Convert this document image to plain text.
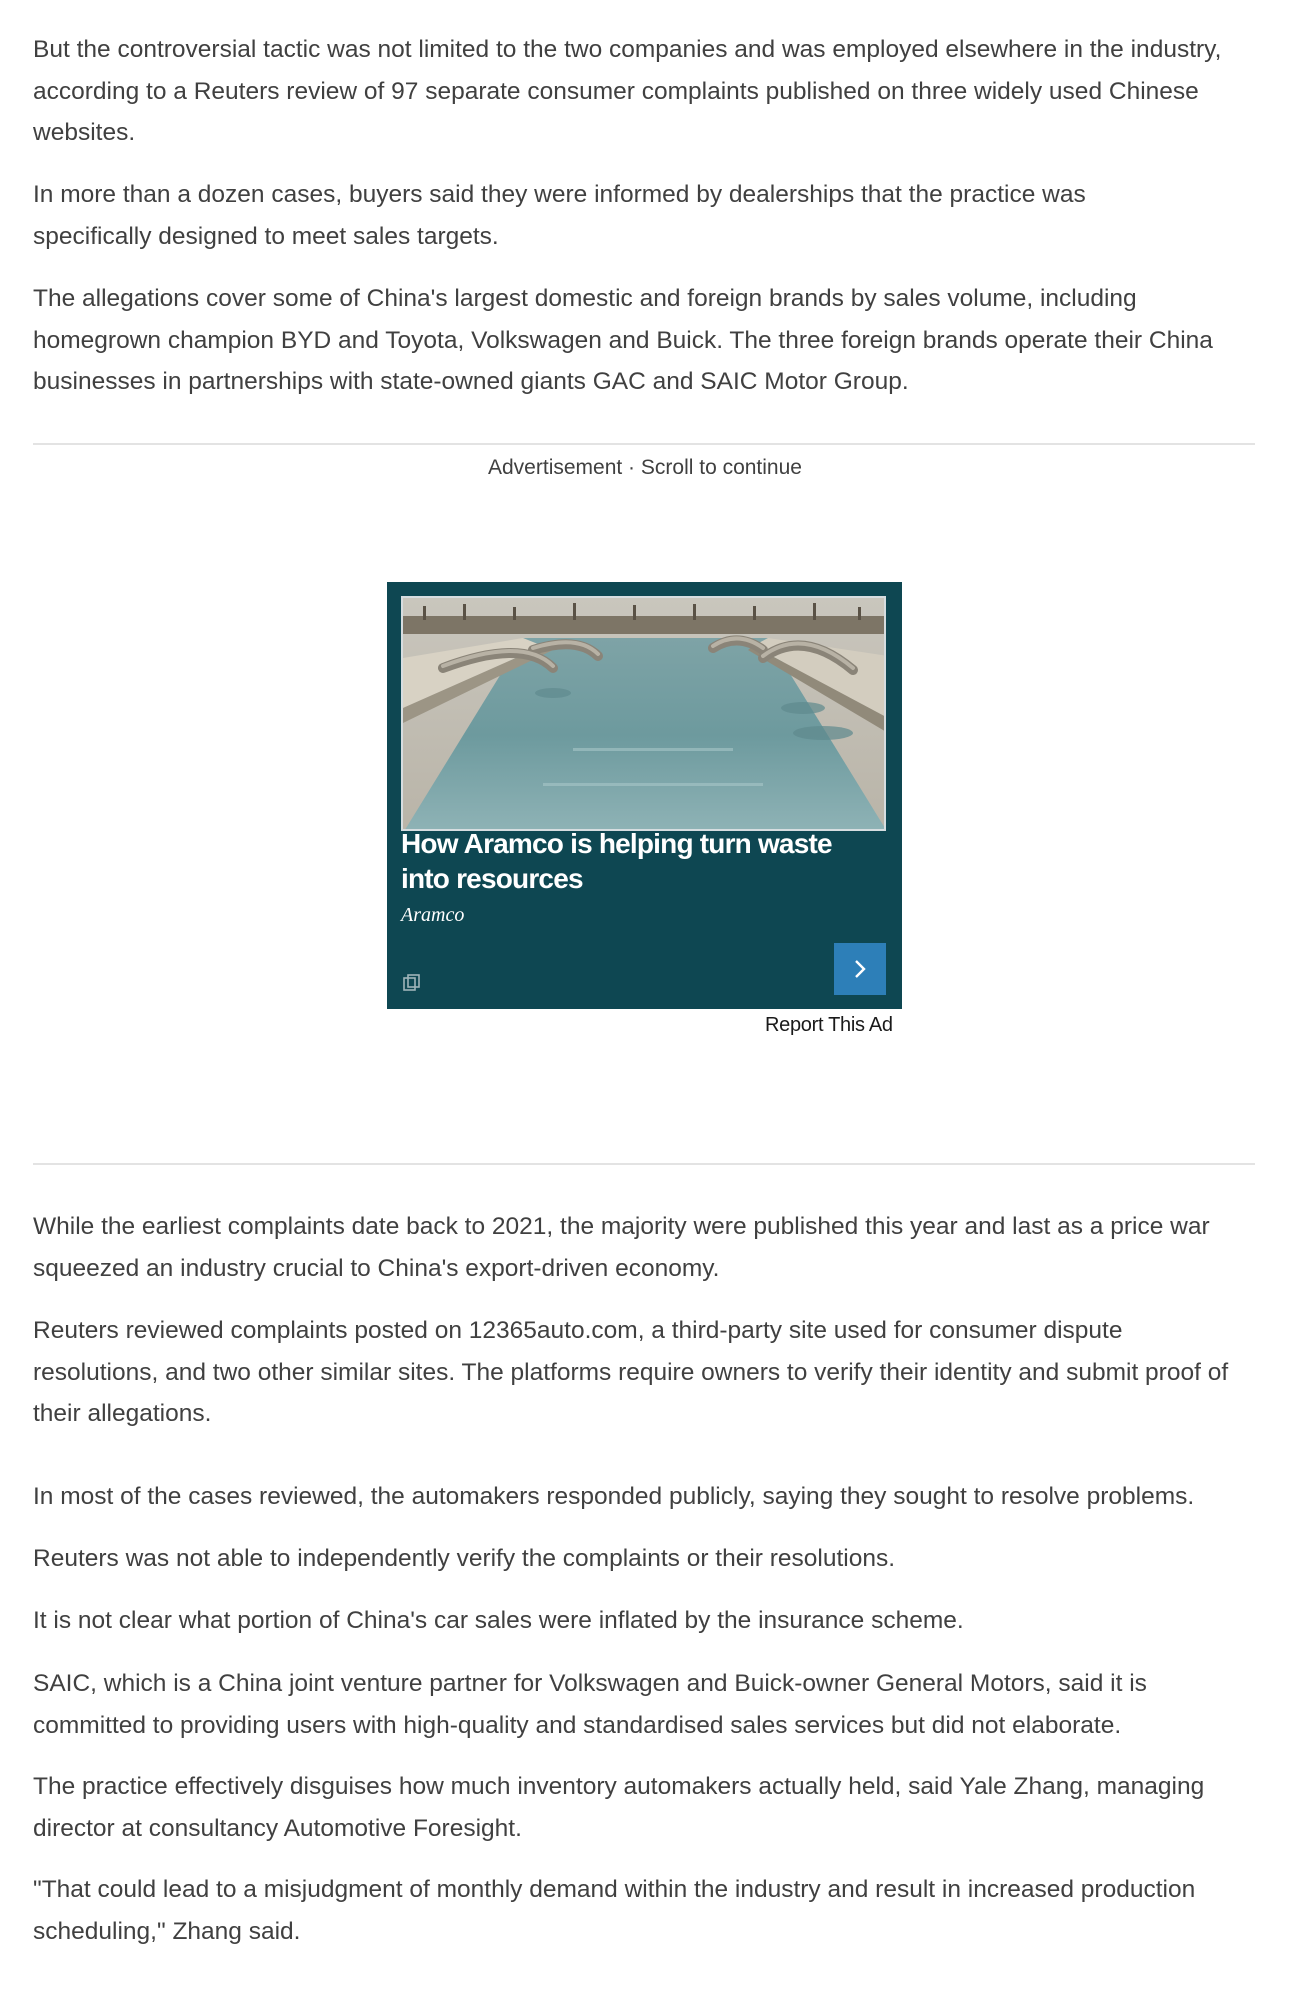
But the controversial tactic was not limited to the two companies and was employed elsewhere in the industry, according to a Reuters review of 97 separate consumer complaints published on three widely used Chinese websites.

In more than a dozen cases, buyers said they were informed by dealerships that the practice was specifically designed to meet sales targets.

The allegations cover some of China's largest domestic and foreign brands by sales volume, including homegrown champion BYD and Toyota, Volkswagen and Buick. The three foreign brands operate their China businesses in partnerships with state-owned giants GAC and SAIC Motor Group.

Advertisement · Scroll to continue
How Aramco is helping turn waste
into resources
Aramco
Report This Ad

While the earliest complaints date back to 2021, the majority were published this year and last as a price war squeezed an industry crucial to China's export-driven economy.

Reuters reviewed complaints posted on 12365auto.com, a third-party site used for consumer dispute resolutions, and two other similar sites. The platforms require owners to verify their identity and submit proof of their allegations.

In most of the cases reviewed, the automakers responded publicly, saying they sought to resolve problems.

Reuters was not able to independently verify the complaints or their resolutions.

It is not clear what portion of China's car sales were inflated by the insurance scheme.

SAIC, which is a China joint venture partner for Volkswagen and Buick-owner General Motors, said it is committed to providing users with high-quality and standardised sales services but did not elaborate.

The practice effectively disguises how much inventory automakers actually held, said Yale Zhang, managing director at consultancy Automotive Foresight.

"That could lead to a misjudgment of monthly demand within the industry and result in increased production scheduling," Zhang said.
